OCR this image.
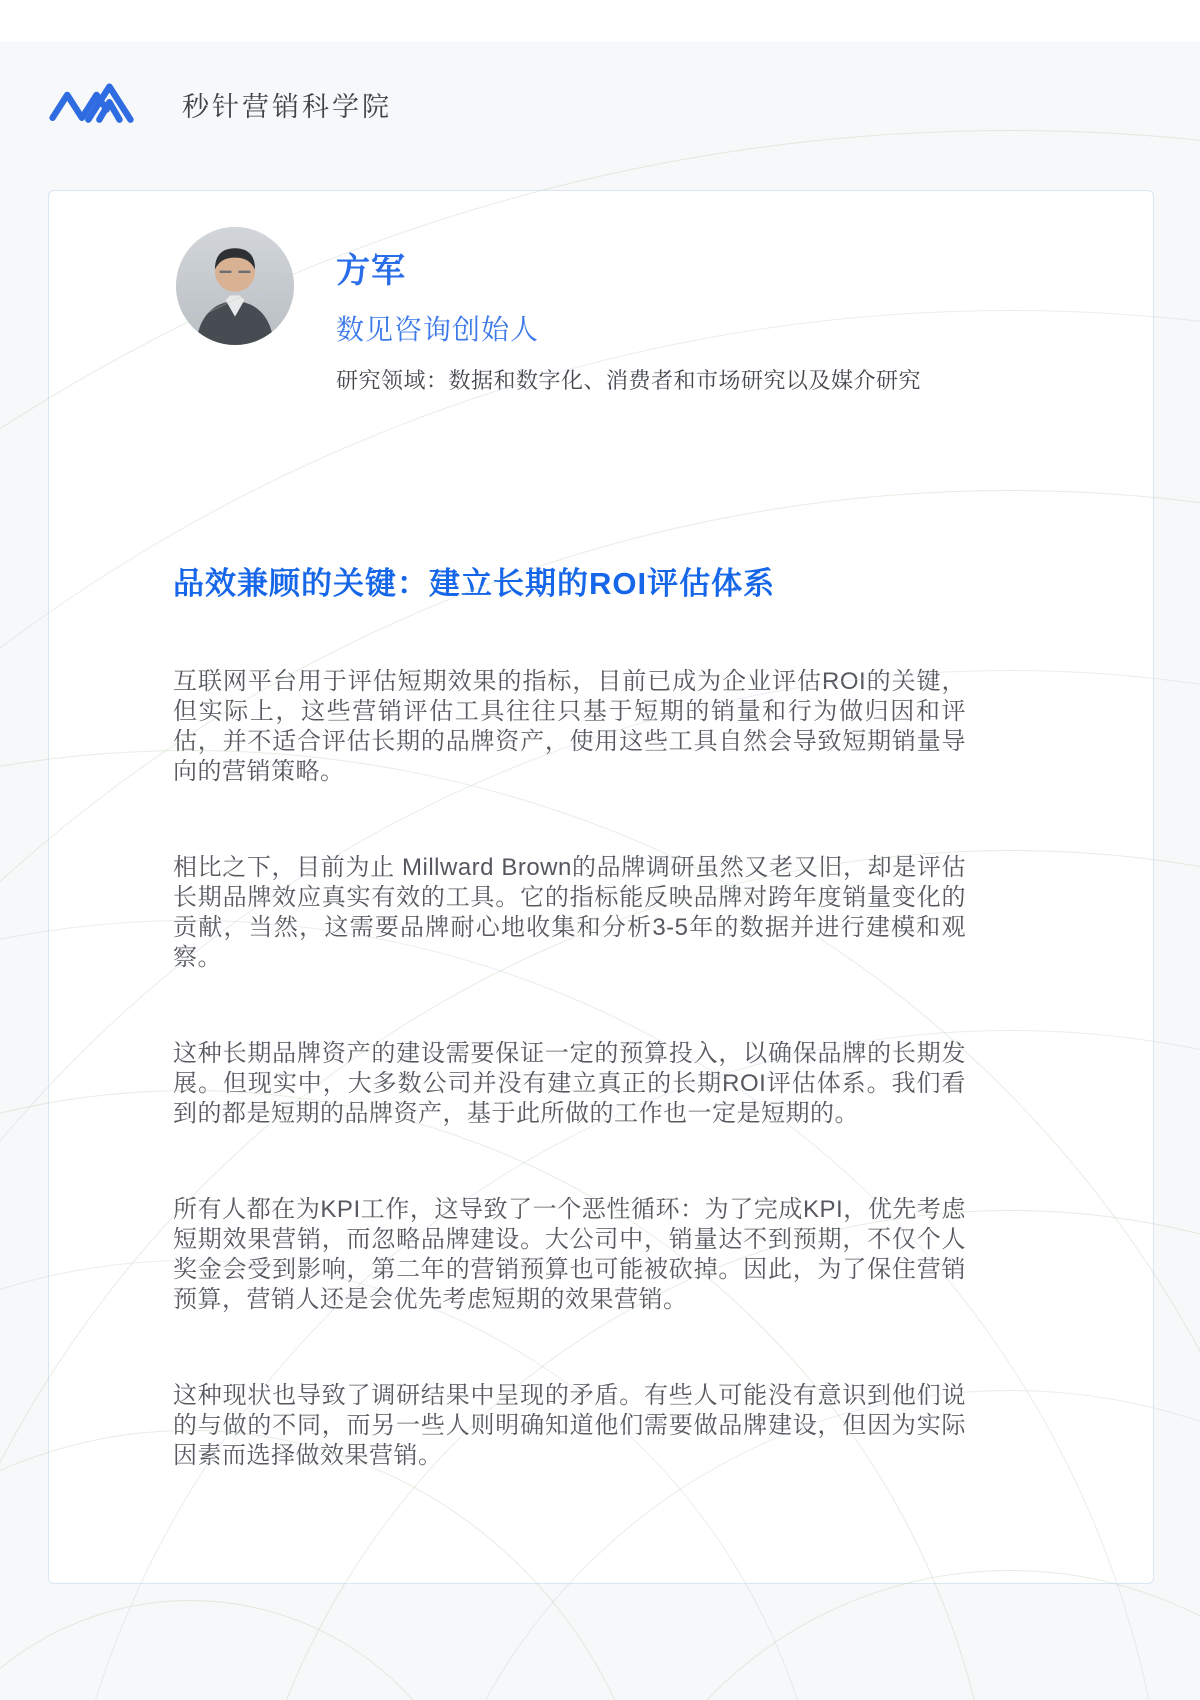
秒针营销科学院
方军
数见咨询创始人
研究领域：数据和数字化、消费者和市场研究以及媒介研究
品效兼顾的关键：建立长期的ROI评估体系

互联网平台用于评估短期效果的指标，目前已成为企业评估ROI的关键，但实际上，这些营销评估工具往往只基于短期的销量和行为做归因和评估，并不适合评估长期的品牌资产，使用这些工具自然会导致短期销量导向的营销策略。

相比之下，目前为止 Millward Brown的品牌调研虽然又老又旧，却是评估长期品牌效应真实有效的工具。它的指标能反映品牌对跨年度销量变化的贡献，当然，这需要品牌耐心地收集和分析3-5年的数据并进行建模和观察。

这种长期品牌资产的建设需要保证一定的预算投入，以确保品牌的长期发展。但现实中，大多数公司并没有建立真正的长期ROI评估体系。我们看到的都是短期的品牌资产，基于此所做的工作也一定是短期的。

所有人都在为KPI工作，这导致了一个恶性循环：为了完成KPI，优先考虑短期效果营销，而忽略品牌建设。大公司中，销量达不到预期，不仅个人奖金会受到影响，第二年的营销预算也可能被砍掉。因此，为了保住营销预算，营销人还是会优先考虑短期的效果营销。

这种现状也导致了调研结果中呈现的矛盾。有些人可能没有意识到他们说的与做的不同，而另一些人则明确知道他们需要做品牌建设，但因为实际因素而选择做效果营销。
